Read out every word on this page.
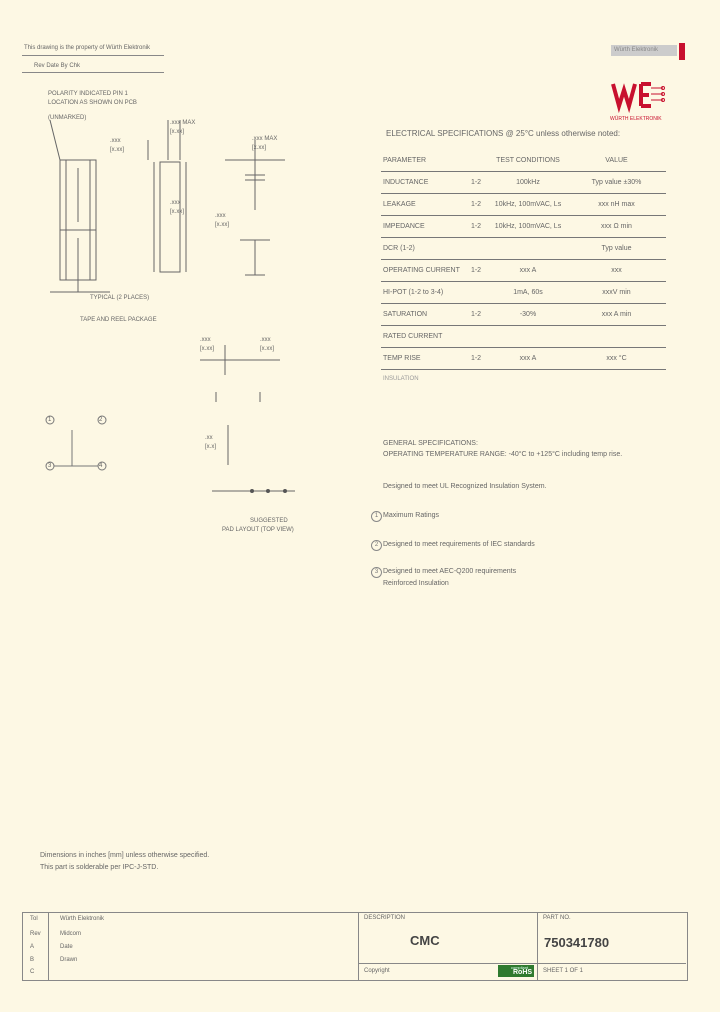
This drawing is the property of Würth Elektronik
Rev Date By Chk
Würth Elektronik
WÜRTH ELEKTRONIK
POLARITY INDICATED PIN 1
LOCATION AS SHOWN ON PCB
(UNMARKED)
.xxx MAX
[x.xx]
.xxx
[x.xx]
.xxx
[x.xx]
.xxx
[x.xx]
.xxx MAX
[x.xx]
TYPICAL (2 PLACES)
TAPE AND REEL PACKAGE
.xxx
[x.xx]
.xxx
[x.xx]
.xx
[x.x]
SUGGESTED
PAD LAYOUT (TOP VIEW)
1	2
3	4
ELECTRICAL SPECIFICATIONS @ 25°C unless otherwise noted:
PARAMETER		TEST CONDITIONS	VALUE
INDUCTANCE	1-2	100kHz	Typ value ±30%
LEAKAGE	1-2	10kHz, 100mVAC, Ls	xxx nH max
IMPEDANCE	1-2	10kHz, 100mVAC, Ls	xxx Ω min
DCR (1-2)			Typ value
OPERATING CURRENT	1-2	xxx A	xxx
HI-POT (1-2 to 3-4)		1mA, 60s	xxxV min
SATURATION	1-2	-30%	xxx A min
RATED CURRENT			
TEMP RISE	1-2	xxx A	xxx °C
INSULATION
GENERAL SPECIFICATIONS:
OPERATING TEMPERATURE RANGE: -40°C to +125°C including temp rise.
Designed to meet UL Recognized Insulation System.
1 Maximum Ratings
2 Designed to meet requirements of IEC standards
3 Designed to meet AEC-Q200 requirements
Reinforced Insulation
Dimensions in inches [mm] unless otherwise specified.
This part is solderable per IPC-J-STD.
Tol
Rev
A
B
C
Würth Elektronik
Midcom
Date
Drawn
DESCRIPTION
CMC
PART NO.
750341780
Copyright
compliant
RoHS SHEET 1 OF 1
